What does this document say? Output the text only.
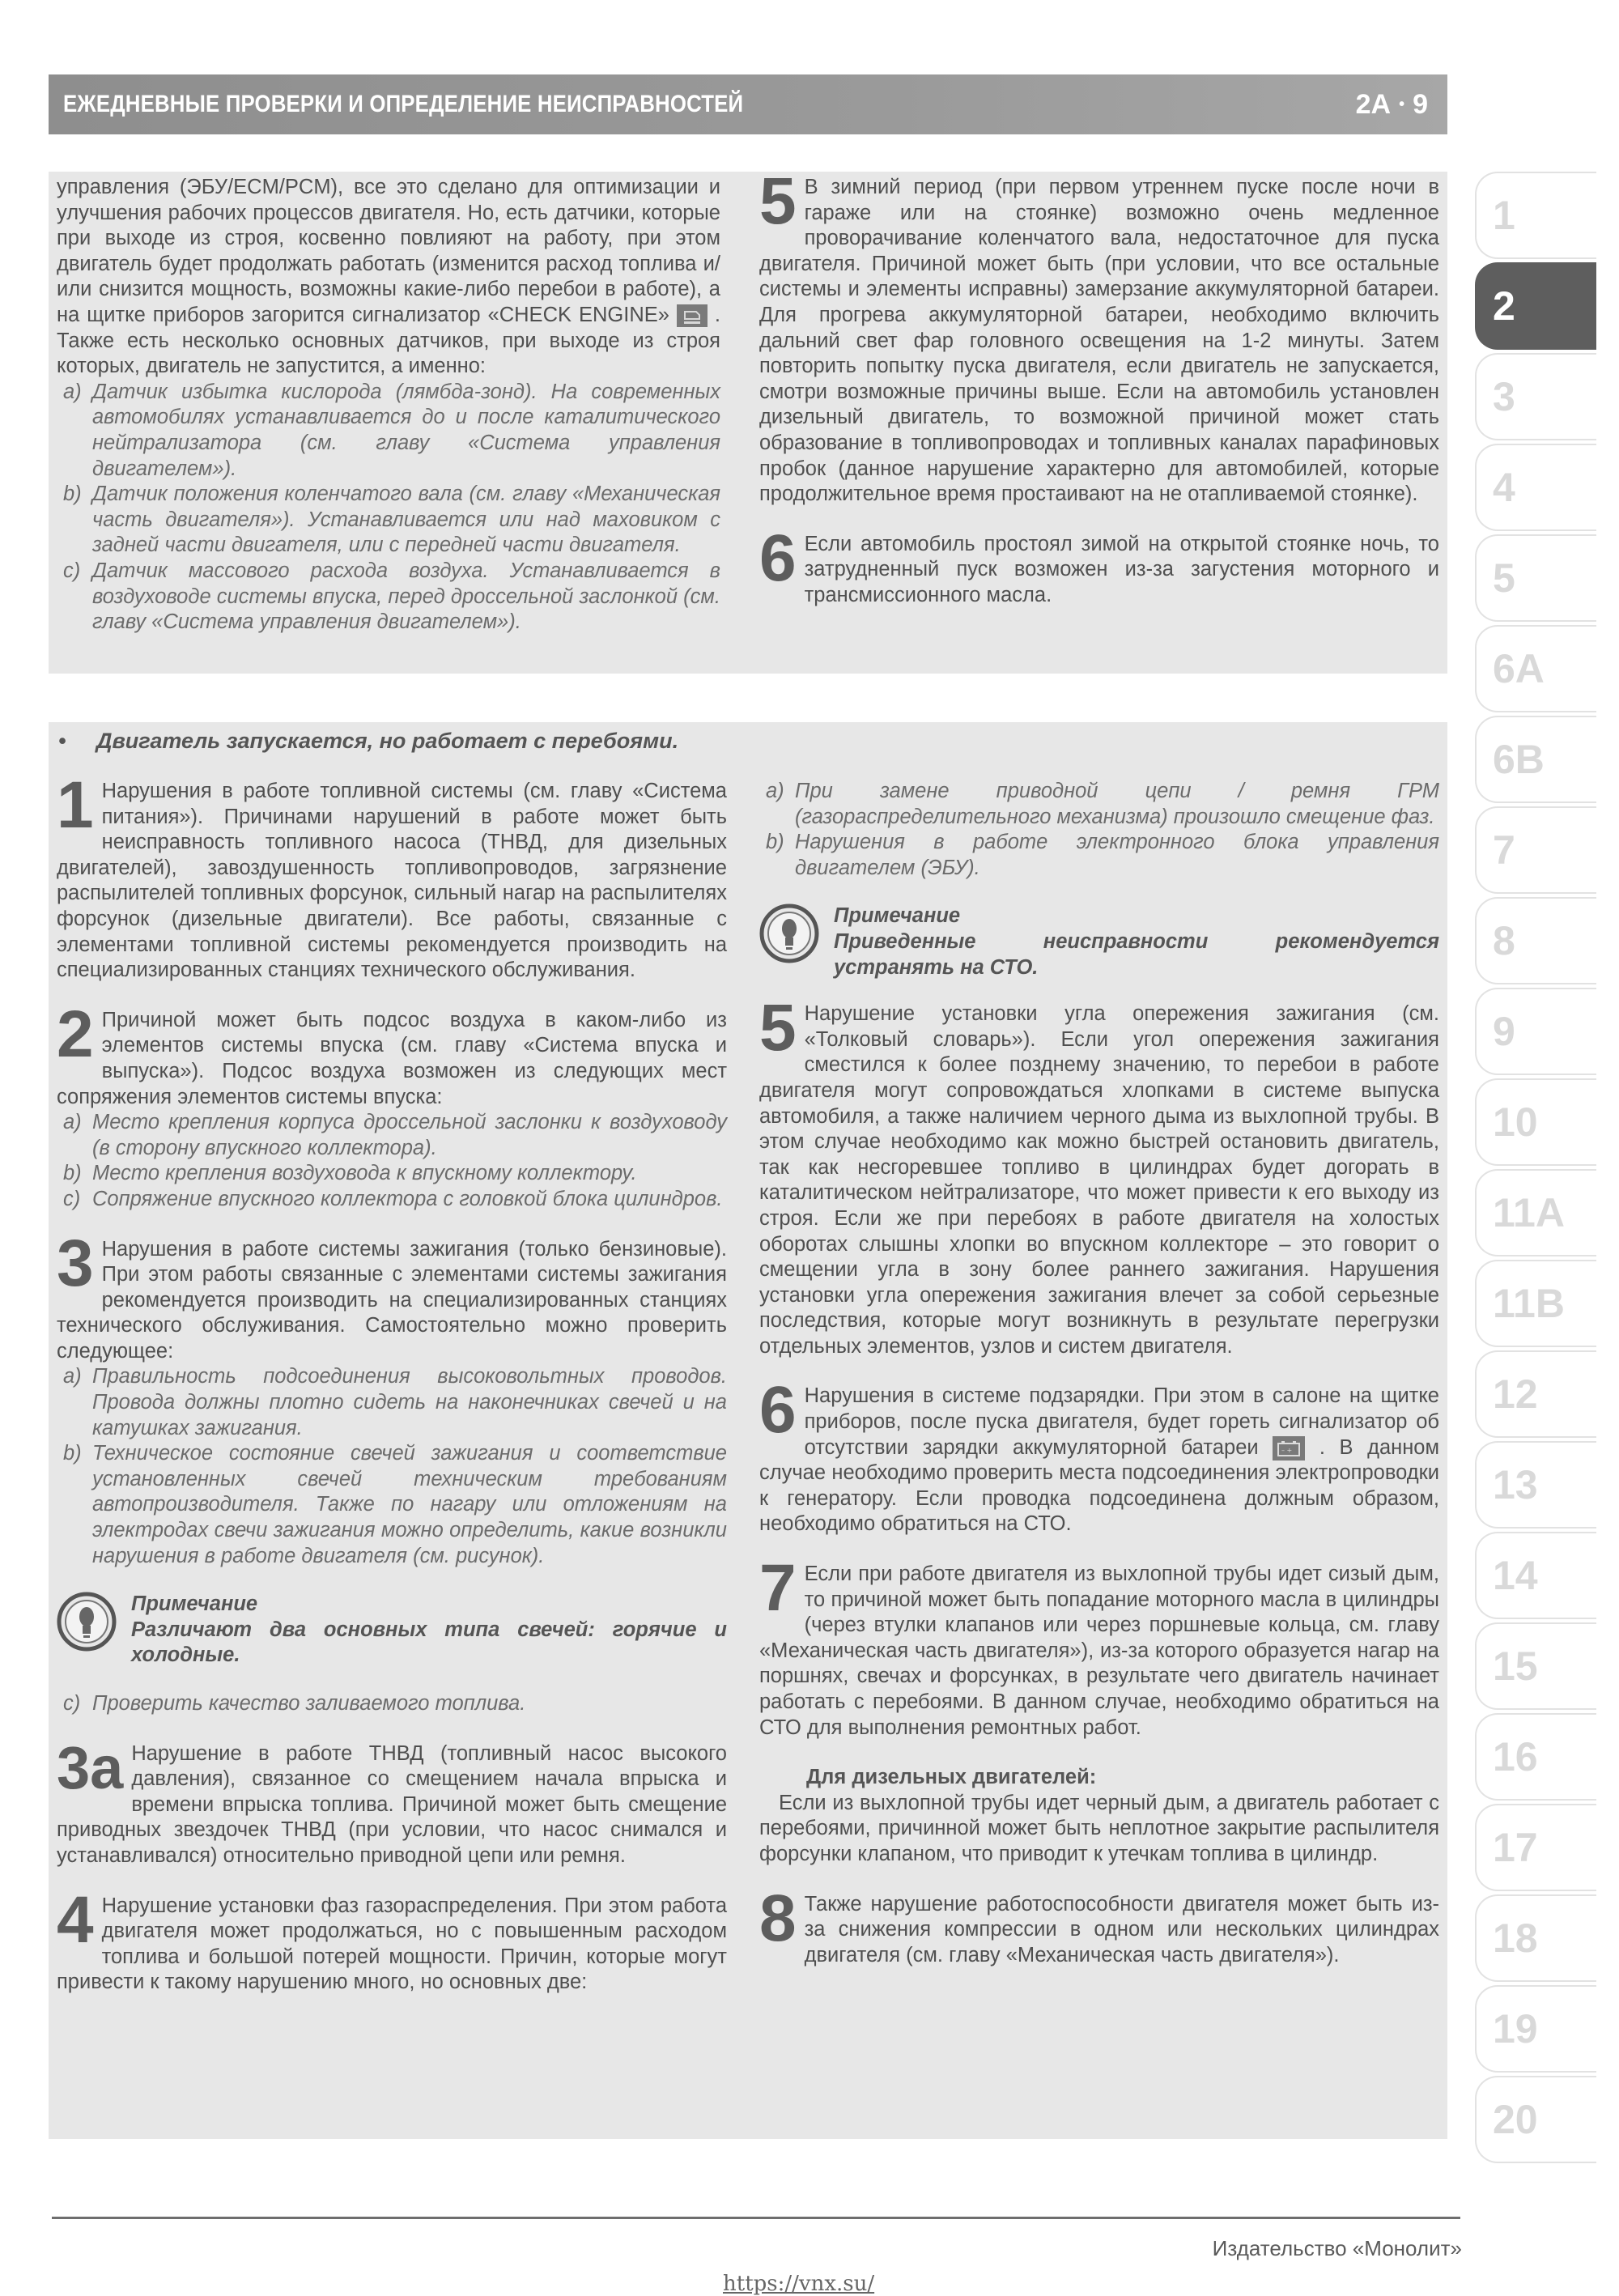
ЕЖЕДНЕВНЫЕ ПРОВЕРКИ И ОПРЕДЕЛЕНИЕ НЕИСПРАВНОСТЕЙ	2A • 9

управления (ЭБУ/ECM/PCM), все это сделано для оптимизации и улучшения рабочих процессов двигателя. Но, есть датчики, которые при выходе из строя, косвенно повлияют на работу, при этом двигатель будет продолжать работать (изменится расход топлива и/или снизится мощность, возможны какие-либо перебои в работе), а на щитке приборов загорится сигнализатор «CHECK ENGINE» . Также есть несколько основных датчиков, при выходе из строя которых, двигатель не запустится, а именно:

a) Датчик избытка кислорода (лямбда-зонд). На современных автомобилях устанавливается до и после каталитического нейтрализатора (см. главу «Система управления двигателем»).
b) Датчик положения коленчатого вала (см. главу «Механическая часть двигателя»). Устанавливается или над маховиком с задней части двигателя, или с передней части двигателя.
c) Датчик массового расхода воздуха. Устанавливается в воздуховоде системы впуска, перед дроссельной заслонкой (см. главу «Система управления двигателем»).
5 В зимний период (при первом утреннем пуске после ночи в гараже или на стоянке) возможно очень медленное проворачивание коленчатого вала, недостаточное для пуска двигателя. Причиной может быть (при условии, что все остальные системы и элементы исправны) замерзание аккумуляторной батареи. Для прогрева аккумуляторной батареи, необходимо включить дальний свет фар головного освещения на 1-2 минуты. Затем повторить попытку пуска двигателя, если двигатель не запускается, смотри возможные причины выше. Если на автомобиль установлен дизельный двигатель, то возможной причиной может стать образование в топливопроводах и топливных каналах парафиновых пробок (данное нарушение характерно для автомобилей, которые продолжительное время простаивают на не отапливаемой стоянке).
6 Если автомобиль простоял зимой на открытой стоянке ночь, то затрудненный пуск возможен из-за загустения моторного и трансмиссионного масла.
• Двигатель запускается, но работает с перебоями.
1 Нарушения в работе топливной системы (см. главу «Система питания»). Причинами нарушений в работе может быть неисправность топливного насоса (ТНВД, для дизельных двигателей), завоздушенность топливопроводов, загрязнение распылителей топливных форсунок, сильный нагар на распылителях форсунок (дизельные двигатели). Все работы, связанные с элементами топливной системы рекомендуется производить на специализированных станциях технического обслуживания.
2 Причиной может быть подсос воздуха в каком-либо из элементов системы впуска (см. главу «Система впуска и выпуска»). Подсос воздуха возможен из следующих мест сопряжения элементов системы впуска:
a) Место крепления корпуса дроссельной заслонки к воздуховоду (в сторону впускного коллектора).
b) Место крепления воздуховода к впускному коллектору.
c) Сопряжение впускного коллектора с головкой блока цилиндров.
3 Нарушения в работе системы зажигания (только бензиновые). При этом работы связанные с элементами системы зажигания рекомендуется производить на специализированных станциях технического обслуживания. Самостоятельно можно проверить следующее:
a) Правильность подсоединения высоковольтных проводов. Провода должны плотно сидеть на наконечниках свечей и на катушках зажигания.
b) Техническое состояние свечей зажигания и соответствие установленных свечей техническим требованиям автопроизводителя. Также по нагару или отложениям на электродах свечи зажигания можно определить, какие возникли нарушения в работе двигателя (см. рисунок).
Примечание
Различают два основных типа свечей: горячие и холодные.
c) Проверить качество заливаемого топлива.
3а Нарушение в работе ТНВД (топливный насос высокого давления), связанное со смещением начала впрыска и времени впрыска топлива. Причиной может быть смещение приводных звездочек ТНВД (при условии, что насос снимался и устанавливался) относительно приводной цепи или ремня.
4 Нарушение установки фаз газораспределения. При этом работа двигателя может продолжаться, но с повышенным расходом топлива и большой потерей мощности. Причин, которые могут привести к такому нарушению много, но основных две:
a) При замене приводной цепи / ремня ГРМ (газораспределительного механизма) произошло смещение фаз.
b) Нарушения в работе электронного блока управления двигателем (ЭБУ).
Примечание
Приведенные неисправности рекомендуется устранять на СТО.
5 Нарушение установки угла опережения зажигания (см. «Толковый словарь»). Если угол опережения зажигания сместился к более позднему значению, то перебои в работе двигателя могут сопровождаться хлопками в системе выпуска автомобиля, а также наличием черного дыма из выхлопной трубы. В этом случае необходимо как можно быстрей остановить двигатель, так как несгоревшее топливо в цилиндрах будет догорать в каталитическом нейтрализаторе, что может привести к его выходу из строя. Если же при перебоях в работе двигателя на холостых оборотах слышны хлопки во впускном коллекторе – это говорит о смещении угла в зону более раннего зажигания. Нарушения установки угла опережения зажигания влечет за собой серьезные последствия, которые могут возникнуть в результате перегрузки отдельных элементов, узлов и систем двигателя.
6 Нарушения в системе подзарядки. При этом в салоне на щитке приборов, после пуска двигателя, будет гореть сигнализатор об отсутствии зарядки аккумуляторной батареи	– + . В данном случае необходимо проверить места подсоединения электропроводки к генератору. Если проводка подсоединена должным образом, необходимо обратиться на СТО.
7 Если при работе двигателя из выхлопной трубы идет сизый дым, то причиной может быть попадание моторного масла в цилиндры (через втулки клапанов или через поршневые кольца, см. главу «Механическая часть двигателя»), из-за которого образуется нагар на поршнях, свечах и форсунках, в результате чего двигатель начинает работать с перебоями. В данном случае, необходимо обратиться на СТО для выполнения ремонтных работ.
Для дизельных двигателей:

Если из выхлопной трубы идет черный дым, а двигатель работает с перебоями, причинной может быть неплотное закрытие распылителя форсунки клапаном, что приводит к утечкам топлива в цилиндр.

8 Также нарушение работоспособности двигателя может быть из-за снижения компрессии в одном или нескольких цилиндрах двигателя (см. главу «Механическая часть двигателя»).
1
2
3
4
5
6A
6B
7
8
9
10
11A
11B
12
13
14
15
16
17
18
19
20
Издательство «Монолит»
https://vnx.su/
